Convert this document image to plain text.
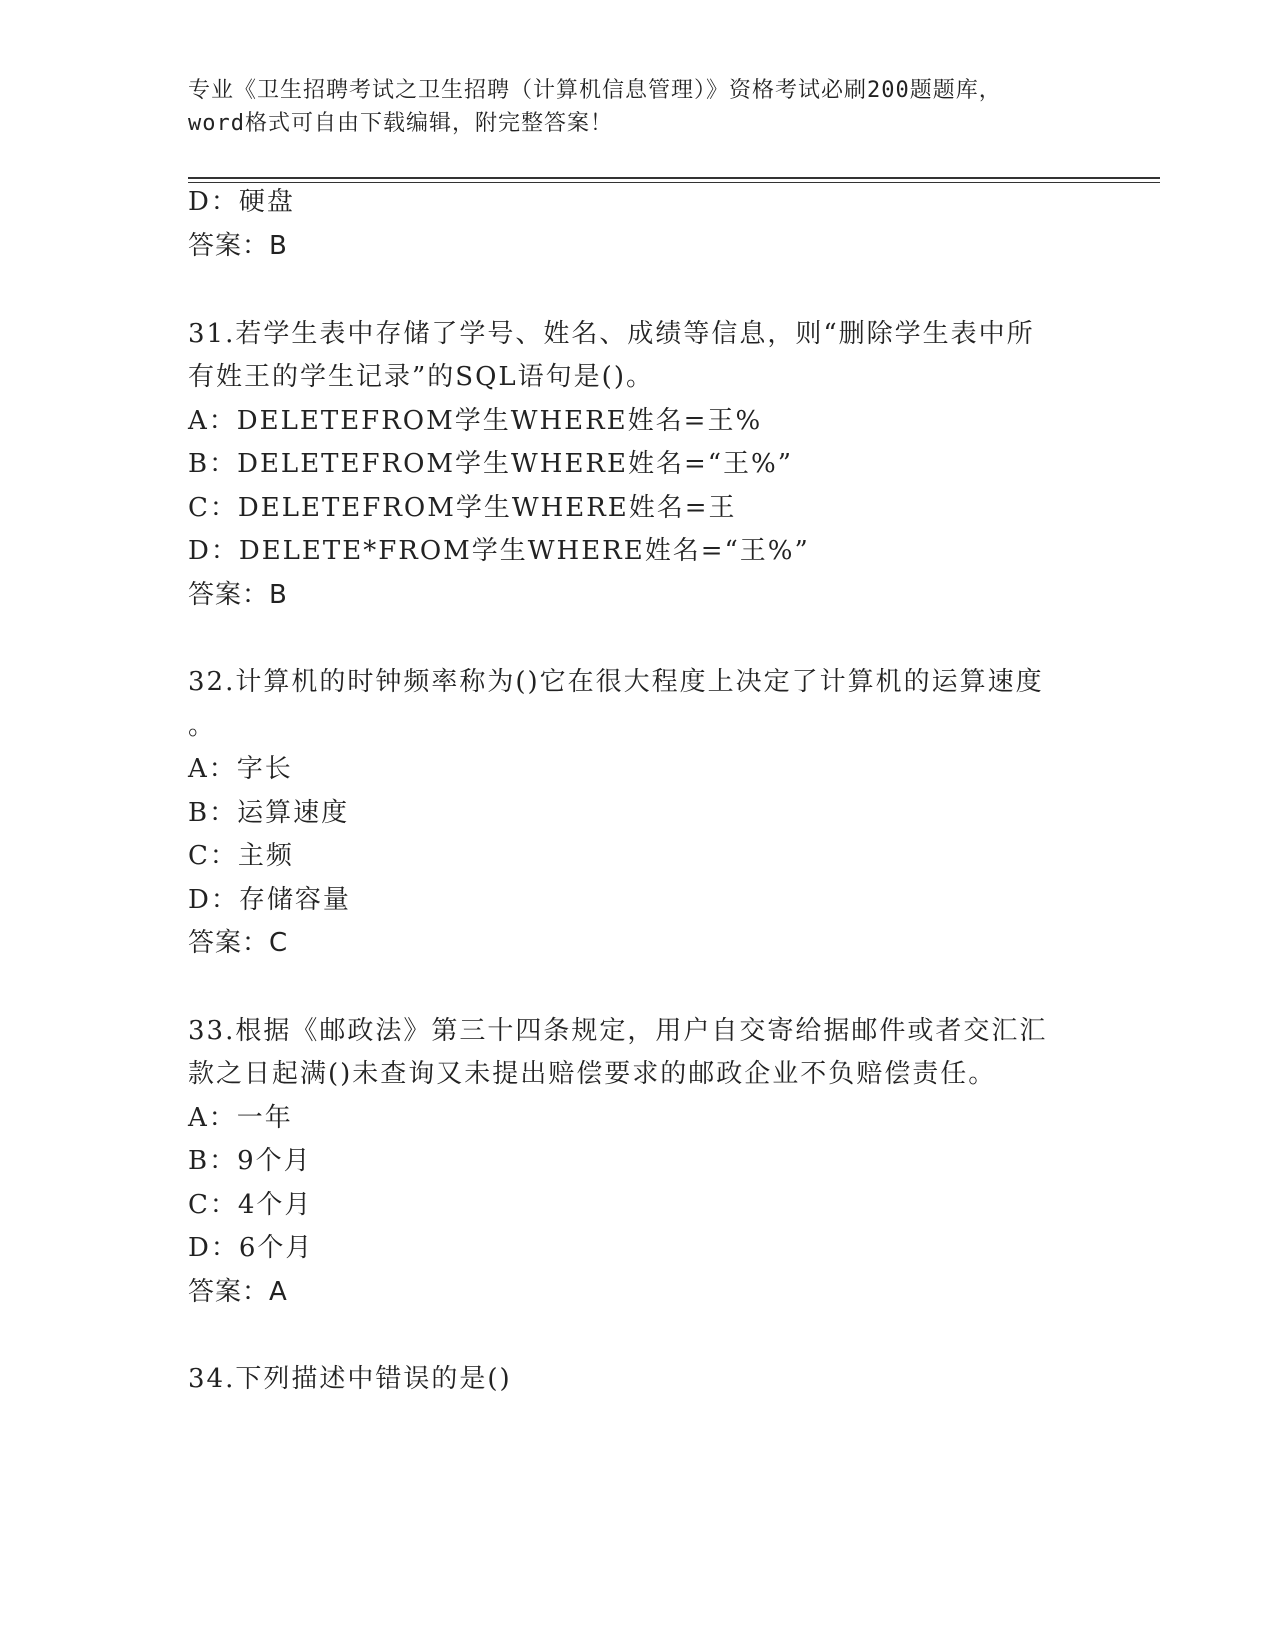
专业《卫生招聘考试之卫生招聘（计算机信息管理）》资格考试必刷200题题库，
word格式可自由下载编辑，附完整答案！
D：硬盘
答案：B
31.若学生表中存储了学号、姓名、成绩等信息，则“删除学生表中所
有姓王的学生记录”的SQL语句是()。
A：DELETEFROM学生WHERE姓名=王%
B：DELETEFROM学生WHERE姓名=“王%”
C：DELETEFROM学生WHERE姓名=王
D：DELETE*FROM学生WHERE姓名=“王%”
答案：B
32.计算机的时钟频率称为()它在很大程度上决定了计算机的运算速度
。
A：字长
B：运算速度
C：主频
D：存储容量
答案：C
33.根据《邮政法》第三十四条规定，用户自交寄给据邮件或者交汇汇
款之日起满()未查询又未提出赔偿要求的邮政企业不负赔偿责任。
A：一年
B：9个月
C：4个月
D：6个月
答案：A
34.下列描述中错误的是()
